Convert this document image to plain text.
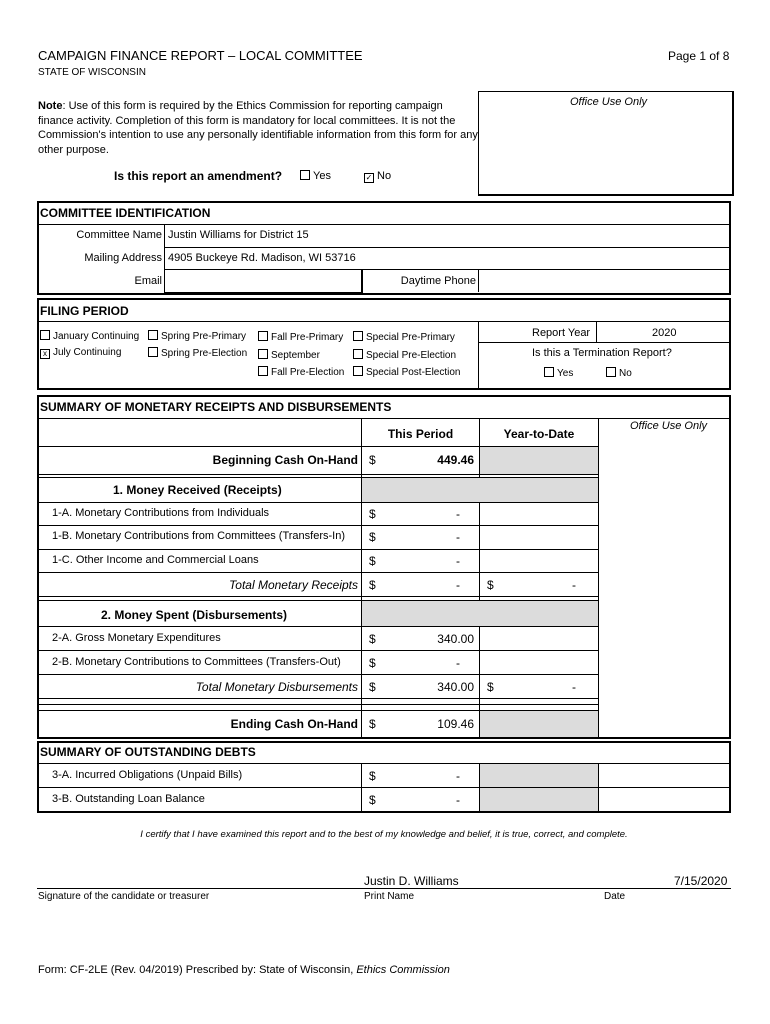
CAMPAIGN FINANCE REPORT – LOCAL COMMITTEE
STATE OF WISCONSIN
Page 1 of 8
Note: Use of this form is required by the Ethics Commission for reporting campaign finance activity. Completion of this form is mandatory for local committees. It is not the Commission's intention to use any personally identifiable information from this form for any other purpose.
Office Use Only
Is this report an amendment?	Yes	✓ No
COMMITTEE IDENTIFICATION
Committee Name Justin Williams for District 15
Mailing Address 4905 Buckeye Rd. Madison, WI 53716
Email	Daytime Phone
FILING PERIOD
January Continuing
x July Continuing
Spring Pre-Primary
Spring Pre-Election
Fall Pre-Primary
September
Fall Pre-Election
Special Pre-Primary
Special Pre-Election
Special Post-Election
Report Year	2020
Is this a Termination Report?
Yes	No
SUMMARY OF MONETARY RECEIPTS AND DISBURSEMENTS
Office Use Only
This Period	Year-to-Date
Beginning Cash On-Hand $	449.46
1. Money Received (Receipts)
1-A. Monetary Contributions from Individuals	$	-
1-B. Monetary Contributions from Committees (Transfers-In) $	-
1-C. Other Income and Commercial Loans	$	-
Total Monetary Receipts $	- $	-
2. Money Spent (Disbursements)
2-A. Gross Monetary Expenditures	$	340.00
2-B. Monetary Contributions to Committees (Transfers-Out) $	-
Total Monetary Disbursements $	340.00 $	-
Ending Cash On-Hand $	109.46
SUMMARY OF OUTSTANDING DEBTS
3-A. Incurred Obligations (Unpaid Bills)	$	-
3-B. Outstanding Loan Balance	$	-
I certify that I have examined this report and to the best of my knowledge and belief, it is true, correct, and complete.
Justin D. Williams	7/15/2020
Signature of the candidate or treasurer	Print Name	Date
Form: CF-2LE (Rev. 04/2019) Prescribed by: State of Wisconsin, Ethics Commission
